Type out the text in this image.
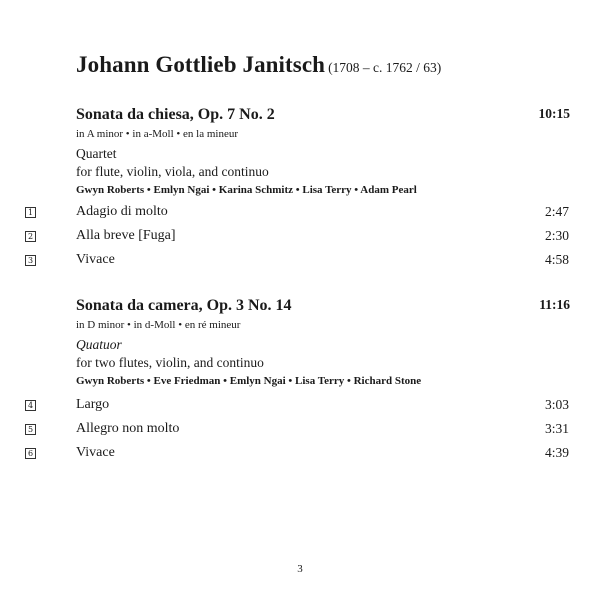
Johann Gottlieb Janitsch (1708 – c. 1762 / 63)
Sonata da chiesa, Op. 7 No. 2	10:15
in A minor • in a-Moll • en la mineur
Quartet
for flute, violin, viola, and continuo
Gwyn Roberts • Emlyn Ngai • Karina Schmitz • Lisa Terry • Adam Pearl
1	Adagio di molto	2:47
2	Alla breve [Fuga]	2:30
3	Vivace	4:58
Sonata da camera, Op. 3 No. 14	11:16
in D minor • in d-Moll • en ré mineur
Quatuor
for two flutes, violin, and continuo
Gwyn Roberts • Eve Friedman • Emlyn Ngai • Lisa Terry • Richard Stone
4	Largo	3:03
5	Allegro non molto	3:31
6	Vivace	4:39
3
